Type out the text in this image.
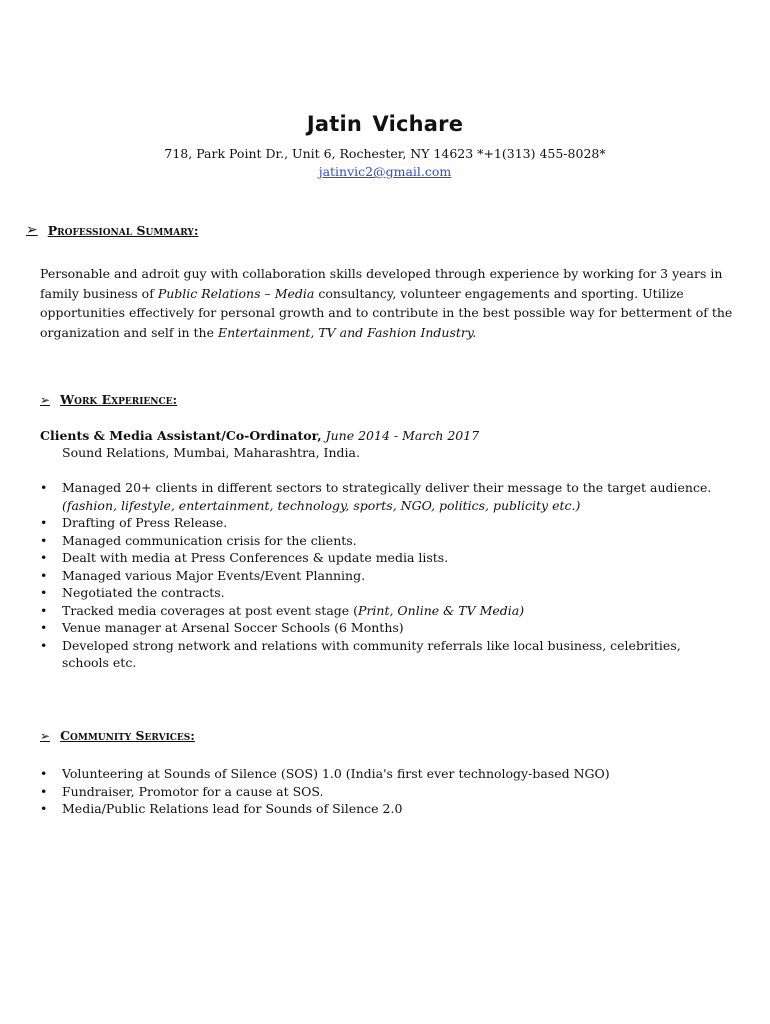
Jatin Vichare
718, Park Point Dr., Unit 6, Rochester, NY 14623 *+1(313) 455-8028*
jatinvic2@gmail.com
➢ Professional Summary:
Personable and adroit guy with collaboration skills developed through experience by working for 3 years in family business of Public Relations – Media consultancy, volunteer engagements and sporting. Utilize opportunities effectively for personal growth and to contribute in the best possible way for betterment of the organization and self in the Entertainment, TV and Fashion Industry.
➢ Work Experience:
Clients & Media Assistant/Co-Ordinator, June 2014 - March 2017
Sound Relations, Mumbai, Maharashtra, India.
• Managed 20+ clients in different sectors to strategically deliver their message to the target audience. (fashion, lifestyle, entertainment, technology, sports, NGO, politics, publicity etc.)
• Drafting of Press Release.
• Managed communication crisis for the clients.
• Dealt with media at Press Conferences & update media lists.
• Managed various Major Events/Event Planning.
• Negotiated the contracts.
• Tracked media coverages at post event stage (Print, Online & TV Media)
• Venue manager at Arsenal Soccer Schools (6 Months)
• Developed strong network and relations with community referrals like local business, celebrities, schools etc.
➢ Community Services:
• Volunteering at Sounds of Silence (SOS) 1.0 (India's first ever technology-based NGO)
• Fundraiser, Promotor for a cause at SOS.
• Media/Public Relations lead for Sounds of Silence 2.0
